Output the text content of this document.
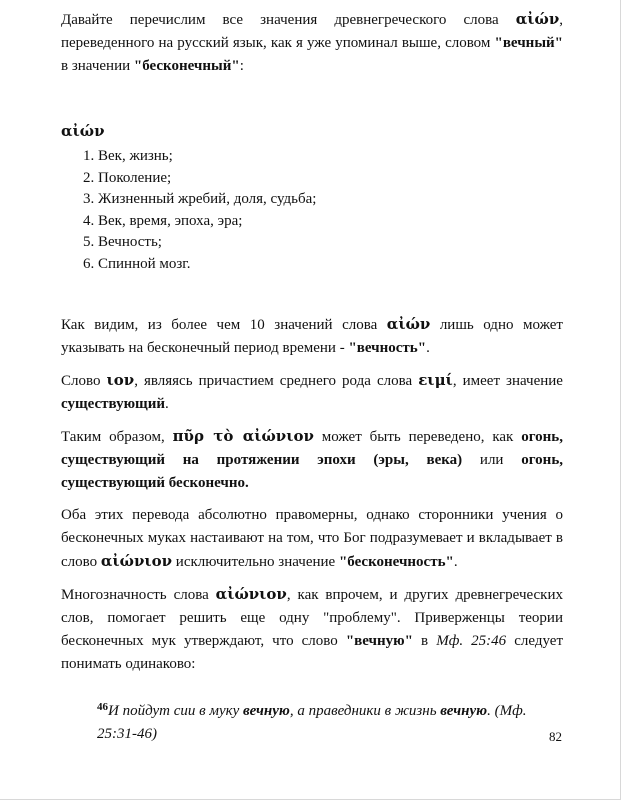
Давайте перечислим все значения древнегреческого слова αἰών, переведенного на русский язык, как я уже упоминал выше, словом "вечный" в значении "бесконечный":

αἰών
1. Век, жизнь;
2. Поколение;
3. Жизненный жребий, доля, судьба;
4. Век, время, эпоха, эра;
5. Вечность;
6. Спинной мозг.

Как видим, из более чем 10 значений слова αἰών лишь одно может указывать на бесконечный период времени - "вечность".

Слово ιον, являясь причастием среднего рода слова ειμί, имеет значение существующий.

Таким образом, πῦρ τὸ αἰώνιον может быть переведено, как огонь, существующий на протяжении эпохи (эры, века) или огонь, существующий бесконечно.

Оба этих перевода абсолютно правомерны, однако сторонники учения о бесконечных муках настаивают на том, что Бог подразумевает и вкладывает в слово αἰώνιον исключительно значение "бесконечность".

Многозначность слова αἰώνιον, как впрочем, и других древнегреческих слов, помогает решить еще одну "проблему". Приверженцы теории бесконечных мук утверждают, что слово "вечную" в Мф. 25:46 следует понимать одинаково:

$^{46}$И пойдут сии в муку вечную, а праведники в жизнь вечную. (Мф. 25:31-46)	82
